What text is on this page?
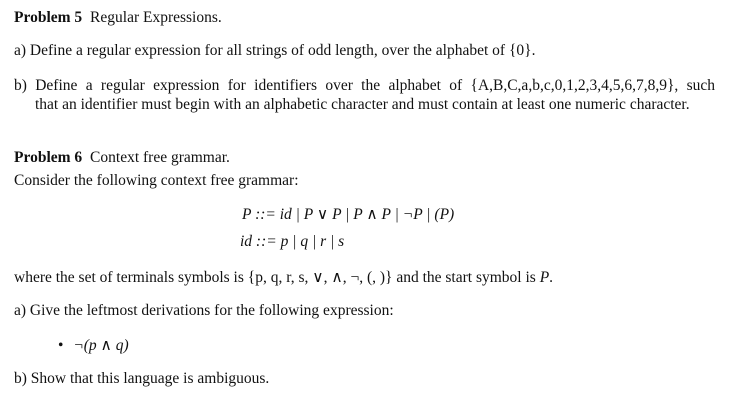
Problem 5 Regular Expressions.
a) Define a regular expression for all strings of odd length, over the alphabet of {0}.
b) Define a regular expression for identifiers over the alphabet of {A,B,C,a,b,c,0,1,2,3,4,5,6,7,8,9}, such
that an identifier must begin with an alphabetic character and must contain at least one numeric character.
Problem 6 Context free grammar.
Consider the following context free grammar:
P ::= id | P ∨ P | P ∧ P | ¬P | (P)
id ::= p | q | r | s
where the set of terminals symbols is {p, q, r, s, ∨, ∧, ¬, (, )} and the start symbol is P.
a) Give the leftmost derivations for the following expression:
• ¬(p ∧ q)
b) Show that this language is ambiguous.
